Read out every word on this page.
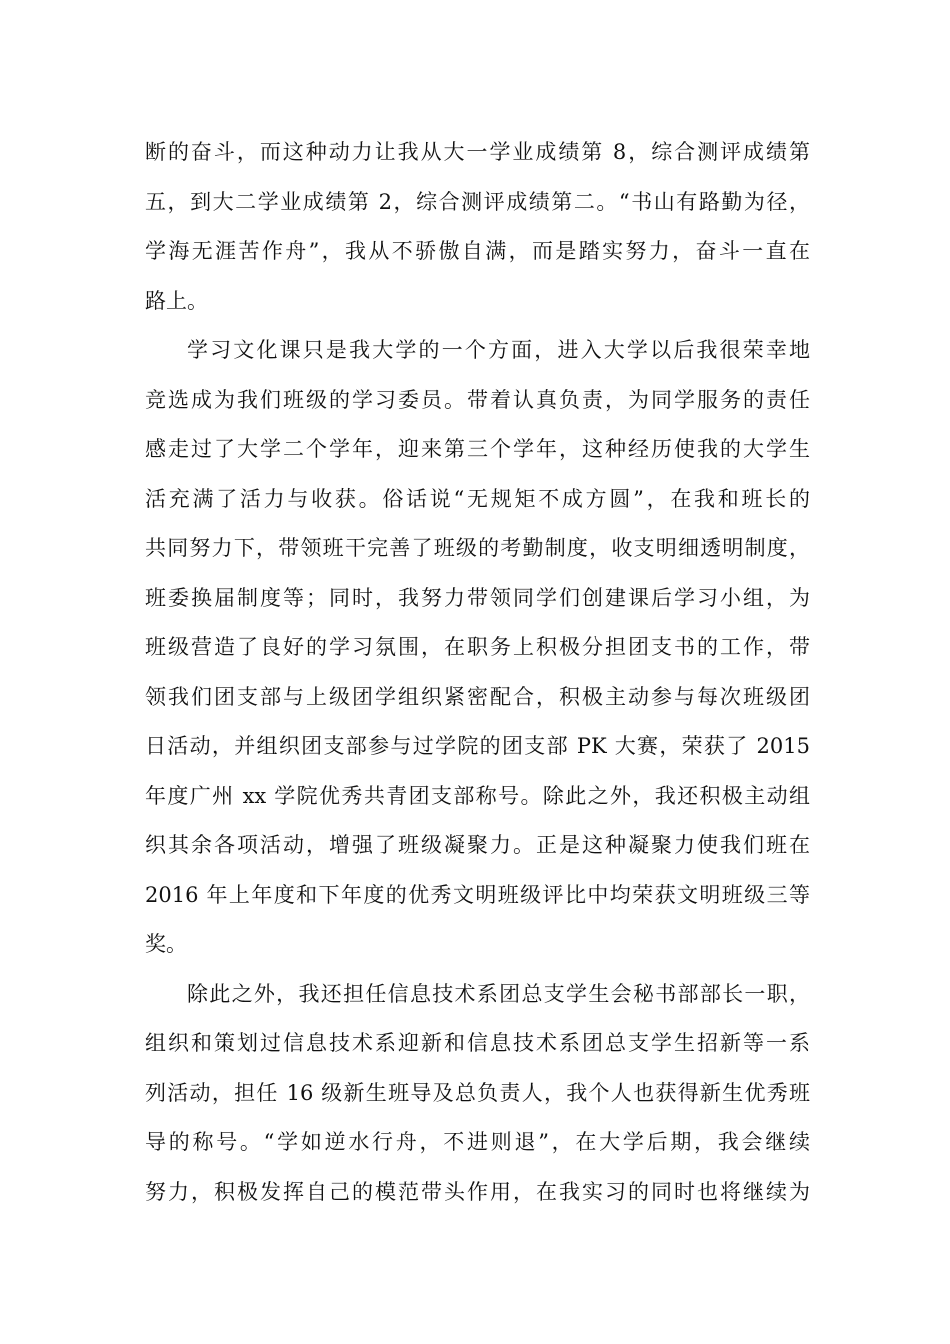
断的奋斗，而这种动力让我从大一学业成绩第 8，综合测评成绩第
五，到大二学业成绩第 2，综合测评成绩第二。“书山有路勤为径，
学海无涯苦作舟”，我从不骄傲自满，而是踏实努力，奋斗一直在
路上。
学习文化课只是我大学的一个方面，进入大学以后我很荣幸地
竞选成为我们班级的学习委员。带着认真负责，为同学服务的责任
感走过了大学二个学年，迎来第三个学年，这种经历使我的大学生
活充满了活力与收获。俗话说“无规矩不成方圆”，在我和班长的
共同努力下，带领班干完善了班级的考勤制度，收支明细透明制度，
班委换届制度等；同时，我努力带领同学们创建课后学习小组，为
班级营造了良好的学习氛围，在职务上积极分担团支书的工作，带
领我们团支部与上级团学组织紧密配合，积极主动参与每次班级团
日活动，并组织团支部参与过学院的团支部 PK 大赛，荣获了 2015
年度广州 xx 学院优秀共青团支部称号。除此之外，我还积极主动组
织其余各项活动，增强了班级凝聚力。正是这种凝聚力使我们班在
2016 年上年度和下年度的优秀文明班级评比中均荣获文明班级三等
奖。
除此之外，我还担任信息技术系团总支学生会秘书部部长一职，
组织和策划过信息技术系迎新和信息技术系团总支学生招新等一系
列活动，担任 16 级新生班导及总负责人，我个人也获得新生优秀班
导的称号。“学如逆水行舟，不进则退”，在大学后期，我会继续
努力，积极发挥自己的模范带头作用，在我实习的同时也将继续为
